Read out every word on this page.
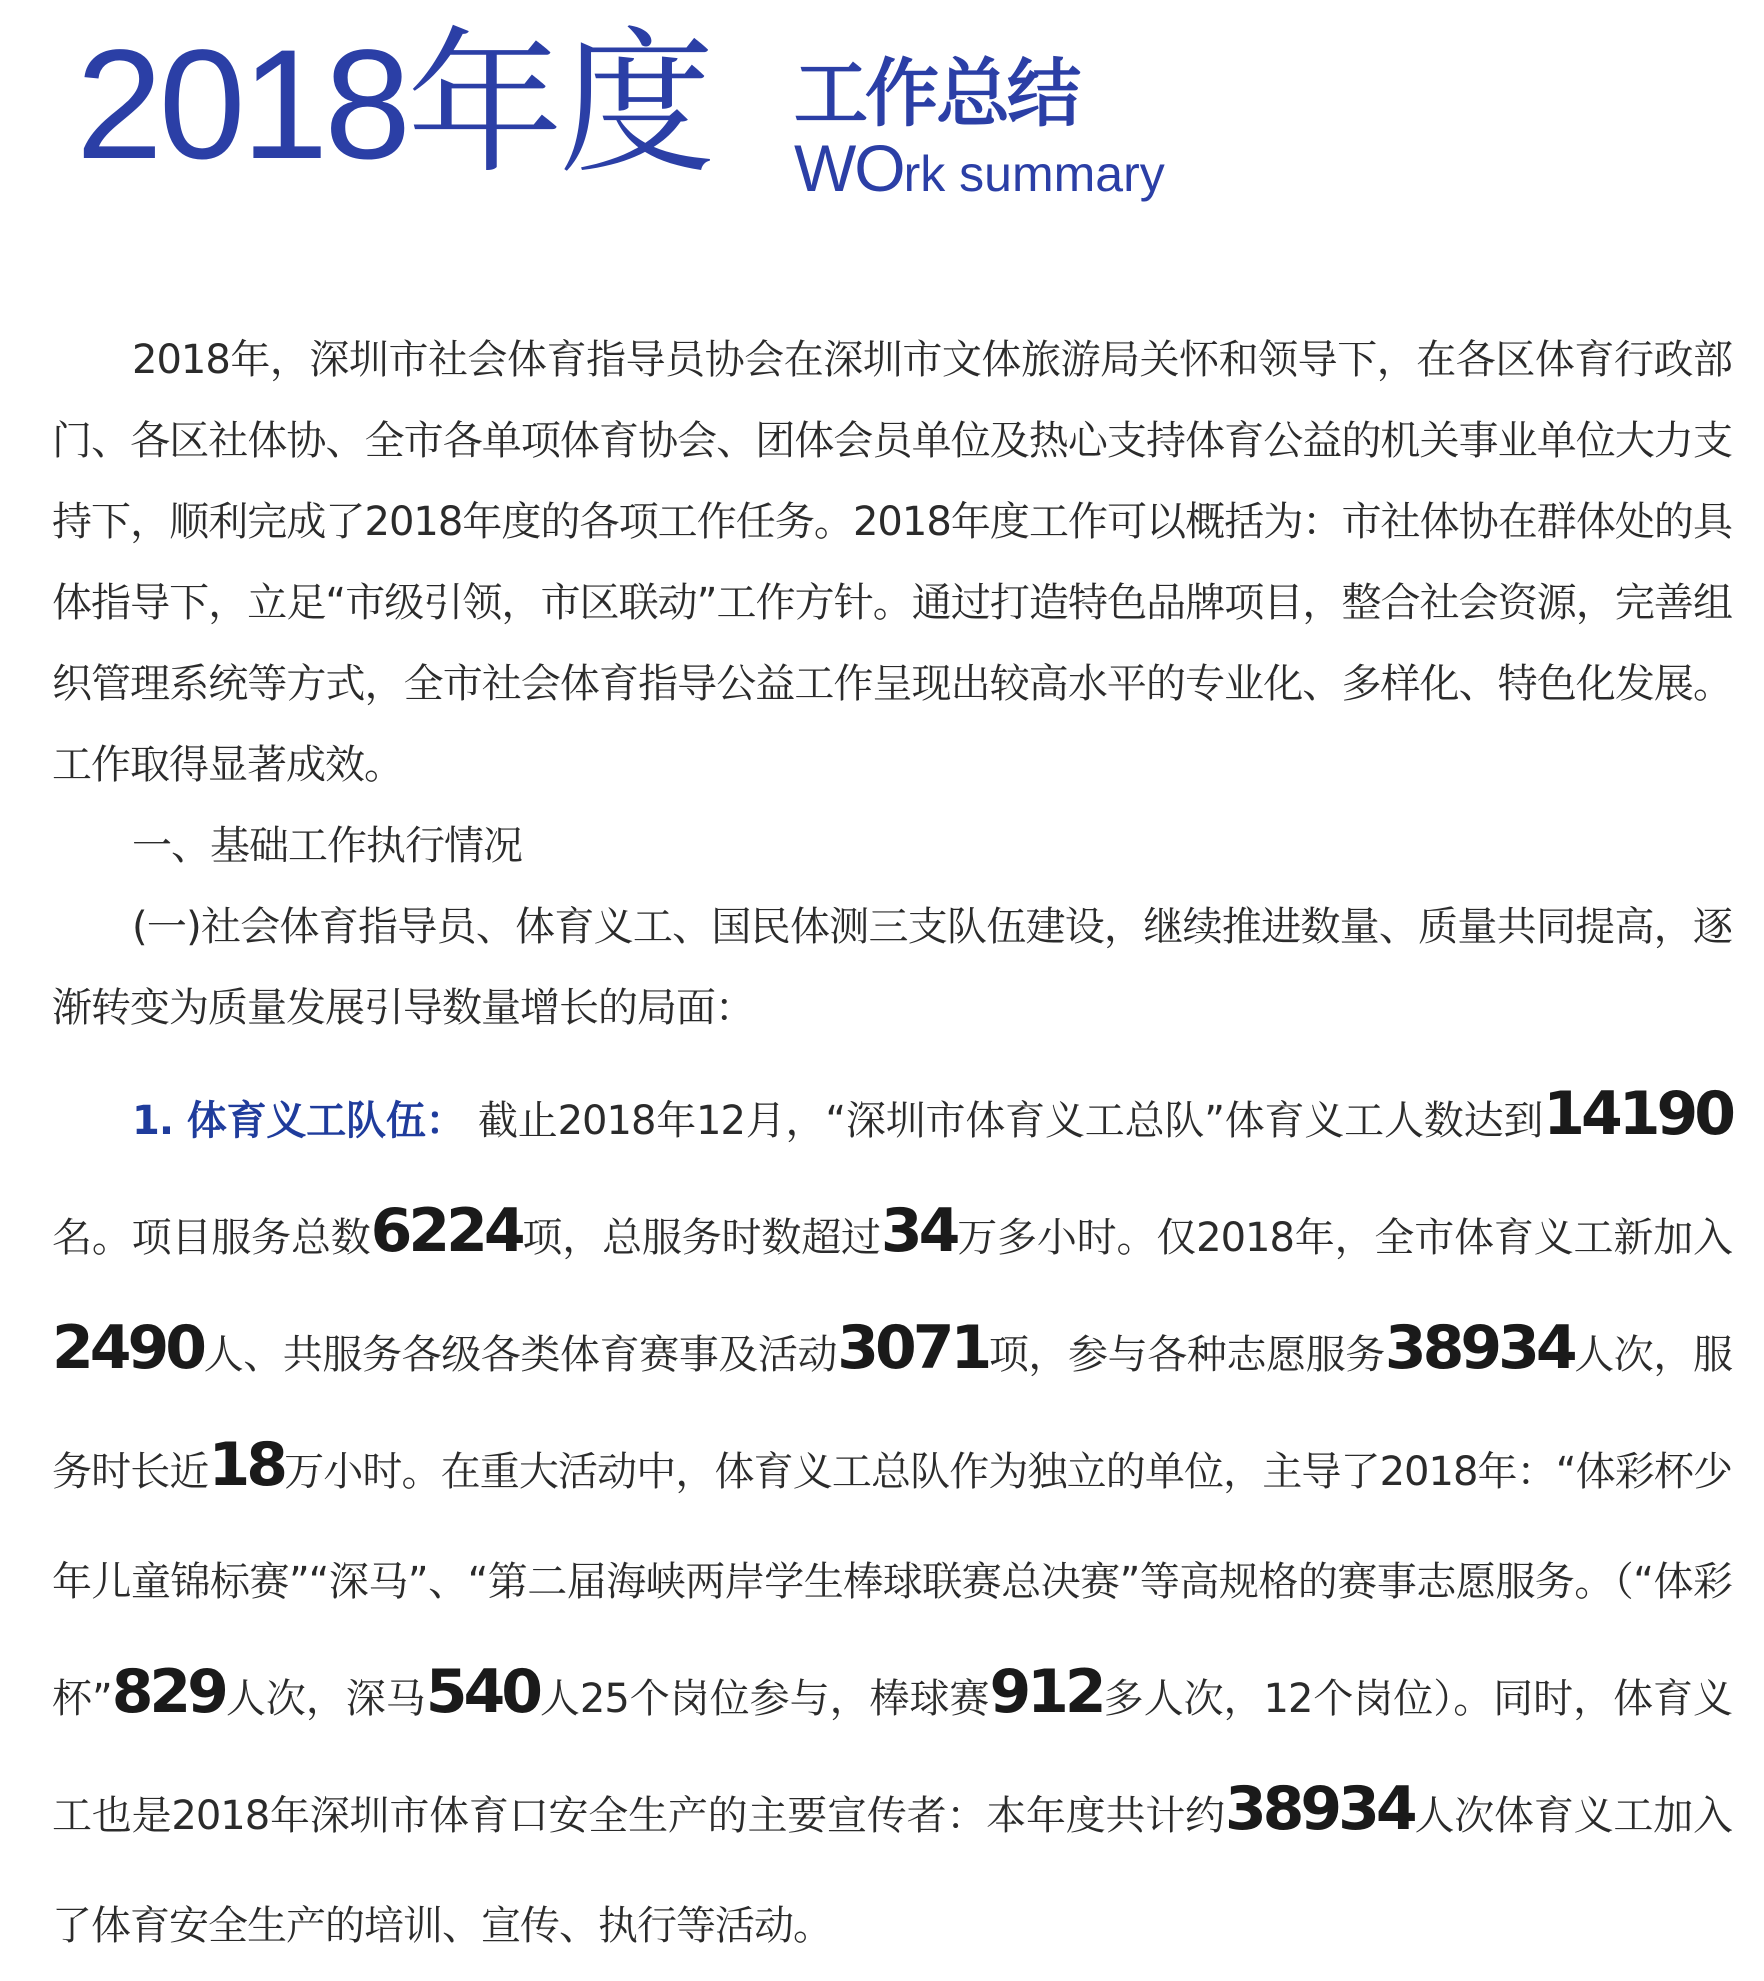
2018年度 工作总结
WOrk summary

2018年，深圳市社会体育指导员协会在深圳市文体旅游局关怀和领导下，在各区体育行政部门、各区社体协、全市各单项体育协会、团体会员单位及热心支持体育公益的机关事业单位大力支持下，顺利完成了2018年度的各项工作任务。2018年度工作可以概括为：市社体协在群体处的具体指导下，立足“市级引领，市区联动”工作方针。通过打造特色品牌项目，整合社会资源，完善组织管理系统等方式，全市社会体育指导公益工作呈现出较高水平的专业化、多样化、特色化发展。工作取得显著成效。

一、基础工作执行情况

(一)社会体育指导员、体育义工、国民体测三支队伍建设，继续推进数量、质量共同提高，逐渐转变为质量发展引导数量增长的局面：

1. 体育义工队伍： 截止2018年12月，“深圳市体育义工总队”体育义工人数达到14190名。项目服务总数6224项，总服务时数超过34万多小时。仅2018年，全市体育义工新加入2490人、共服务各级各类体育赛事及活动3071项，参与各种志愿服务38934人次，服务时长近18万小时。在重大活动中，体育义工总队作为独立的单位，主导了2018年：“体彩杯少年儿童锦标赛”“深马”、“第二届海峡两岸学生棒球联赛总决赛”等高规格的赛事志愿服务。（“体彩杯”829人次，深马540人25个岗位参与，棒球赛912多人次，12个岗位）。同时，体育义工也是2018年深圳市体育口安全生产的主要宣传者：本年度共计约38934人次体育义工加入了体育安全生产的培训、宣传、执行等活动。
